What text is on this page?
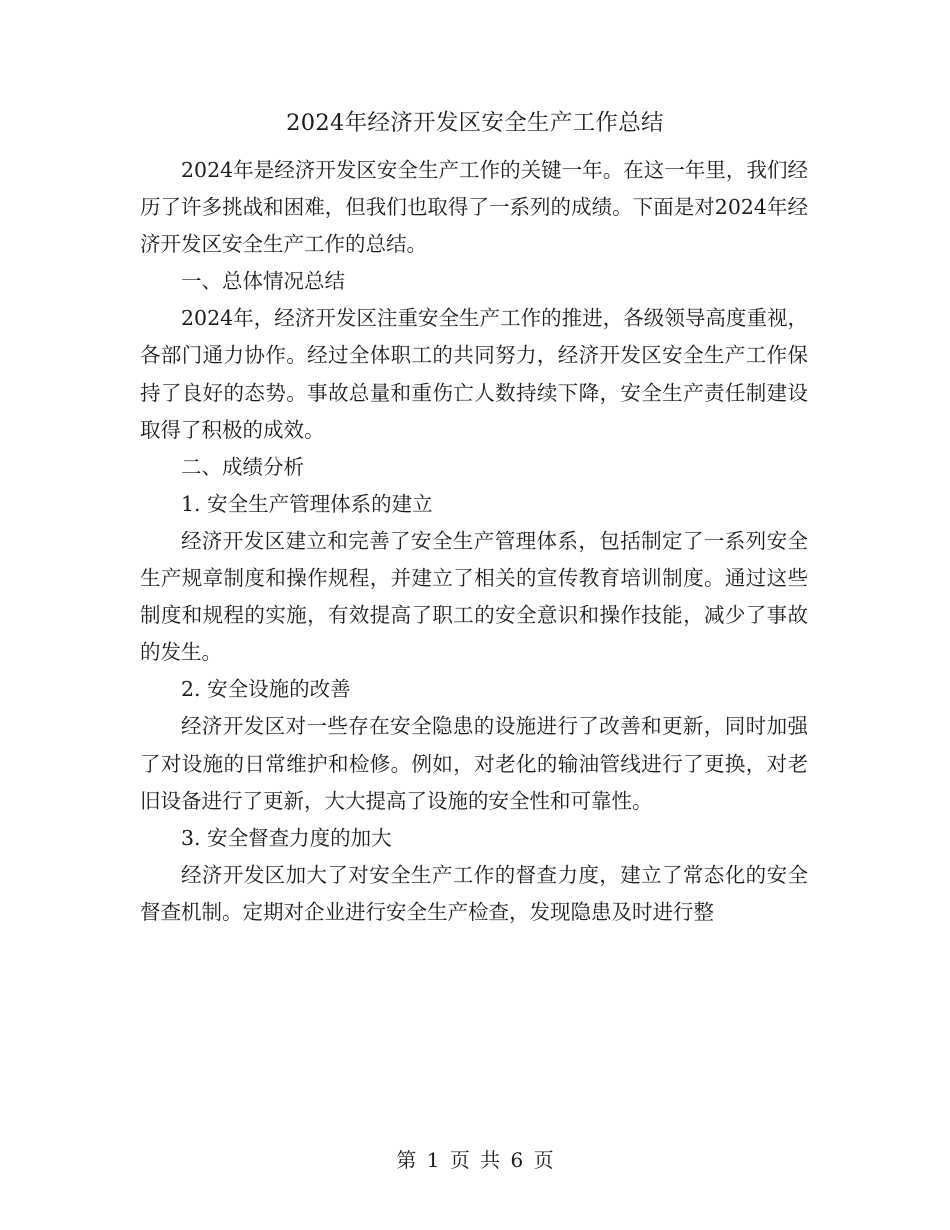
2024年经济开发区安全生产工作总结

2024年是经济开发区安全生产工作的关键一年。在这一年里，我们经历了许多挑战和困难，但我们也取得了一系列的成绩。下面是对2024年经济开发区安全生产工作的总结。

一、总体情况总结

2024年，经济开发区注重安全生产工作的推进，各级领导高度重视，各部门通力协作。经过全体职工的共同努力，经济开发区安全生产工作保持了良好的态势。事故总量和重伤亡人数持续下降，安全生产责任制建设取得了积极的成效。

二、成绩分析

1. 安全生产管理体系的建立

经济开发区建立和完善了安全生产管理体系，包括制定了一系列安全生产规章制度和操作规程，并建立了相关的宣传教育培训制度。通过这些制度和规程的实施，有效提高了职工的安全意识和操作技能，减少了事故的发生。

2. 安全设施的改善

经济开发区对一些存在安全隐患的设施进行了改善和更新，同时加强了对设施的日常维护和检修。例如，对老化的输油管线进行了更换，对老旧设备进行了更新，大大提高了设施的安全性和可靠性。

3. 安全督查力度的加大

经济开发区加大了对安全生产工作的督查力度，建立了常态化的安全督查机制。定期对企业进行安全生产检查，发现隐患及时进行整

第 1 页 共 6 页
